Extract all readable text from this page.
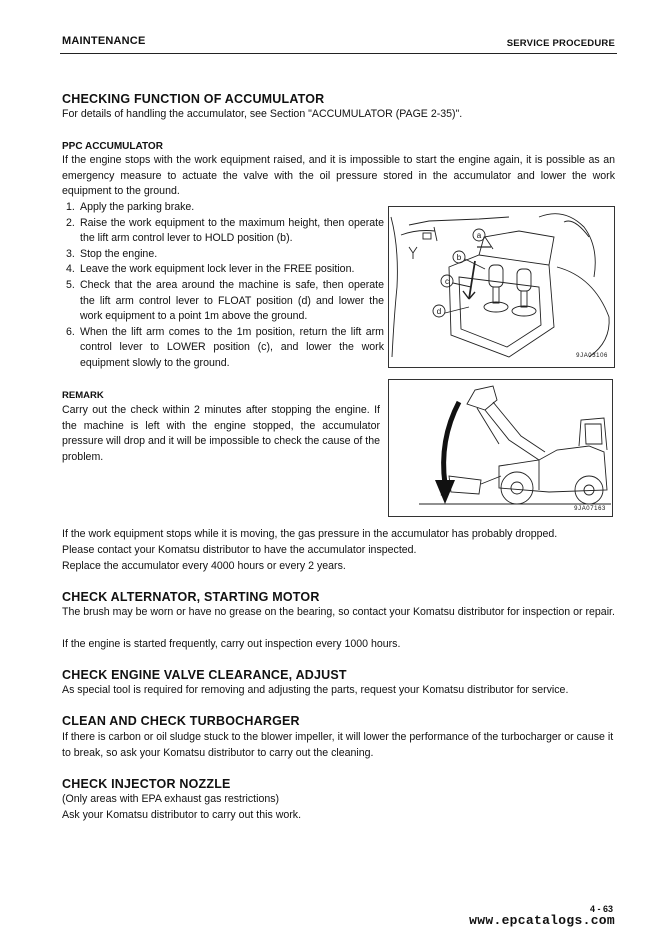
MAINTENANCE	SERVICE PROCEDURE
CHECKING FUNCTION OF ACCUMULATOR

For details of handling the accumulator, see Section "ACCUMULATOR (PAGE 2-35)".

PPC ACCUMULATOR

If the engine stops with the work equipment raised, and it is impossible to start the engine again, it is possible as an emergency measure to actuate the valve with the oil pressure stored in the accumulator and lower the work equipment to the ground.

1. Apply the parking brake.
2. Raise the work equipment to the maximum height, then operate the lift arm control lever to HOLD position (b).
3. Stop the engine.
4. Leave the work equipment lock lever in the FREE position.
5. Check that the area around the machine is safe, then operate the lift arm control lever to FLOAT position (d) and lower the work equipment to a point 1m above the ground.
6. When the lift arm comes to the 1m position, return the lift arm control lever to LOWER position (c), and lower the work equipment slowly to the ground.
a
b
c
d
9JA03106
REMARK

Carry out the check within 2 minutes after stopping the engine. If the machine is left with the engine stopped, the accumulator pressure will drop and it will be impossible to check the cause of the problem.

9JA07163

If the work equipment stops while it is moving, the gas pressure in the accumulator has probably dropped.

Please contact your Komatsu distributor to have the accumulator inspected.

Replace the accumulator every 4000 hours or every 2 years.

CHECK ALTERNATOR, STARTING MOTOR

The brush may be worn or have no grease on the bearing, so contact your Komatsu distributor for inspection or repair.

If the engine is started frequently, carry out inspection every 1000 hours.

CHECK ENGINE VALVE CLEARANCE, ADJUST

As special tool is required for removing and adjusting the parts, request your Komatsu distributor for service.

CLEAN AND CHECK TURBOCHARGER

If there is carbon or oil sludge stuck to the blower impeller, it will lower the performance of the turbocharger or cause it to break, so ask your Komatsu distributor to carry out the cleaning.

CHECK INJECTOR NOZZLE

(Only areas with EPA exhaust gas restrictions)

Ask your Komatsu distributor to carry out this work.

4 - 63
www.epcatalogs.com
